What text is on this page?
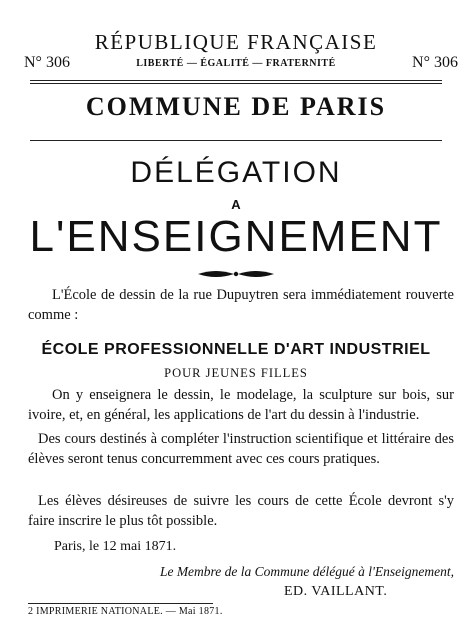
RÉPUBLIQUE FRANÇAISE
N° 306	N° 306
LIBERTÉ — ÉGALITÉ — FRATERNITÉ
COMMUNE DE PARIS
DÉLÉGATION
A
L'ENSEIGNEMENT
L'École de dessin de la rue Dupuytren sera immédiatement rouverte comme :
ÉCOLE PROFESSIONNELLE D'ART INDUSTRIEL
POUR JEUNES FILLES
On y enseignera le dessin, le modelage, la sculpture sur bois, sur ivoire, et, en général, les applications de l'art du dessin à l'industrie.
Des cours destinés à compléter l'instruction scientifique et littéraire des élèves seront tenus concurremment avec ces cours pratiques.
Les élèves désireuses de suivre les cours de cette École devront s'y faire inscrire le plus tôt possible.
Paris, le 12 mai 1871.
Le Membre de la Commune délégué à l'Enseignement,
ED. VAILLANT.
2 IMPRIMERIE NATIONALE. — Mai 1871.
